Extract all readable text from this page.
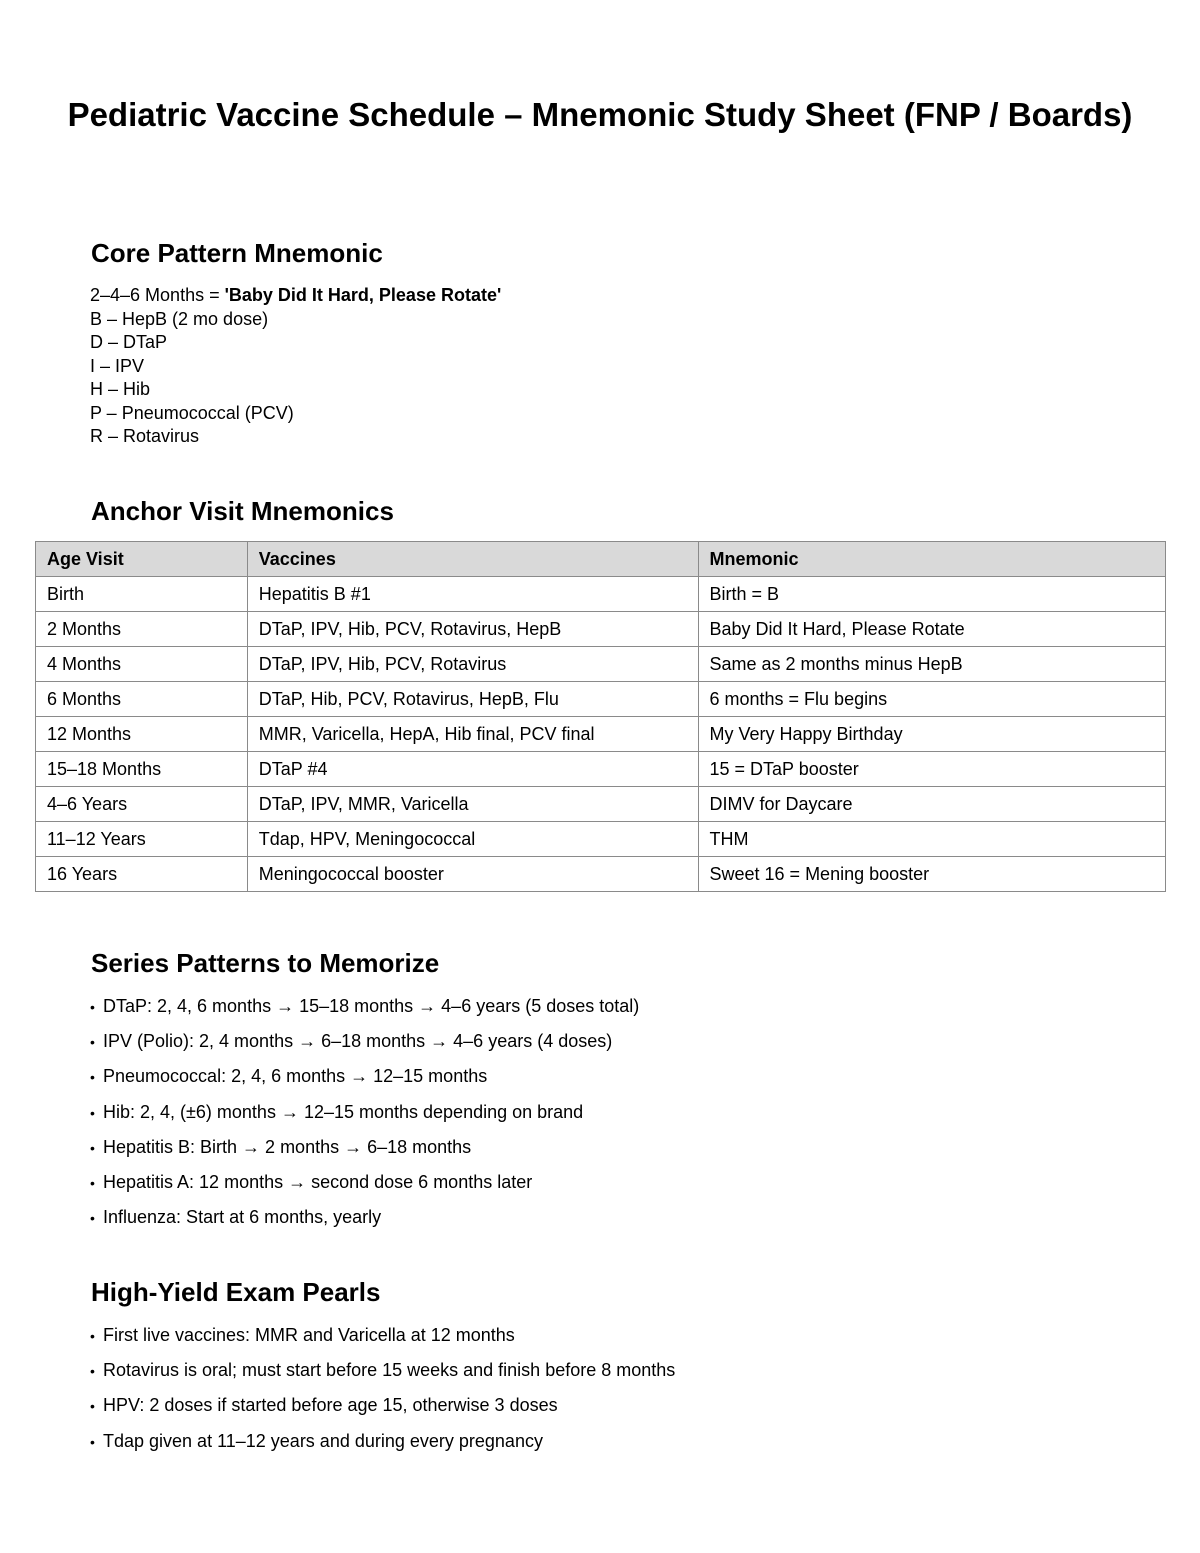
Pediatric Vaccine Schedule – Mnemonic Study Sheet (FNP / Boards)
Core Pattern Mnemonic
2–4–6 Months = 'Baby Did It Hard, Please Rotate'
B – HepB (2 mo dose)
D – DTaP
I – IPV
H – Hib
P – Pneumococcal (PCV)
R – Rotavirus
Anchor Visit Mnemonics
Age Visit	Vaccines	Mnemonic
Birth	Hepatitis B #1	Birth = B
2 Months	DTaP, IPV, Hib, PCV, Rotavirus, HepB	Baby Did It Hard, Please Rotate
4 Months	DTaP, IPV, Hib, PCV, Rotavirus	Same as 2 months minus HepB
6 Months	DTaP, Hib, PCV, Rotavirus, HepB, Flu	6 months = Flu begins
12 Months	MMR, Varicella, HepA, Hib final, PCV final	My Very Happy Birthday
15–18 Months	DTaP #4	15 = DTaP booster
4–6 Years	DTaP, IPV, MMR, Varicella	DIMV for Daycare
11–12 Years	Tdap, HPV, Meningococcal	THM
16 Years	Meningococcal booster	Sweet 16 = Mening booster
Series Patterns to Memorize
• DTaP: 2, 4, 6 months → 15–18 months → 4–6 years (5 doses total)
• IPV (Polio): 2, 4 months → 6–18 months → 4–6 years (4 doses)
• Pneumococcal: 2, 4, 6 months → 12–15 months
• Hib: 2, 4, (±6) months → 12–15 months depending on brand
• Hepatitis B: Birth → 2 months → 6–18 months
• Hepatitis A: 12 months → second dose 6 months later
• Influenza: Start at 6 months, yearly
High-Yield Exam Pearls
• First live vaccines: MMR and Varicella at 12 months
• Rotavirus is oral; must start before 15 weeks and finish before 8 months
• HPV: 2 doses if started before age 15, otherwise 3 doses
• Tdap given at 11–12 years and during every pregnancy
